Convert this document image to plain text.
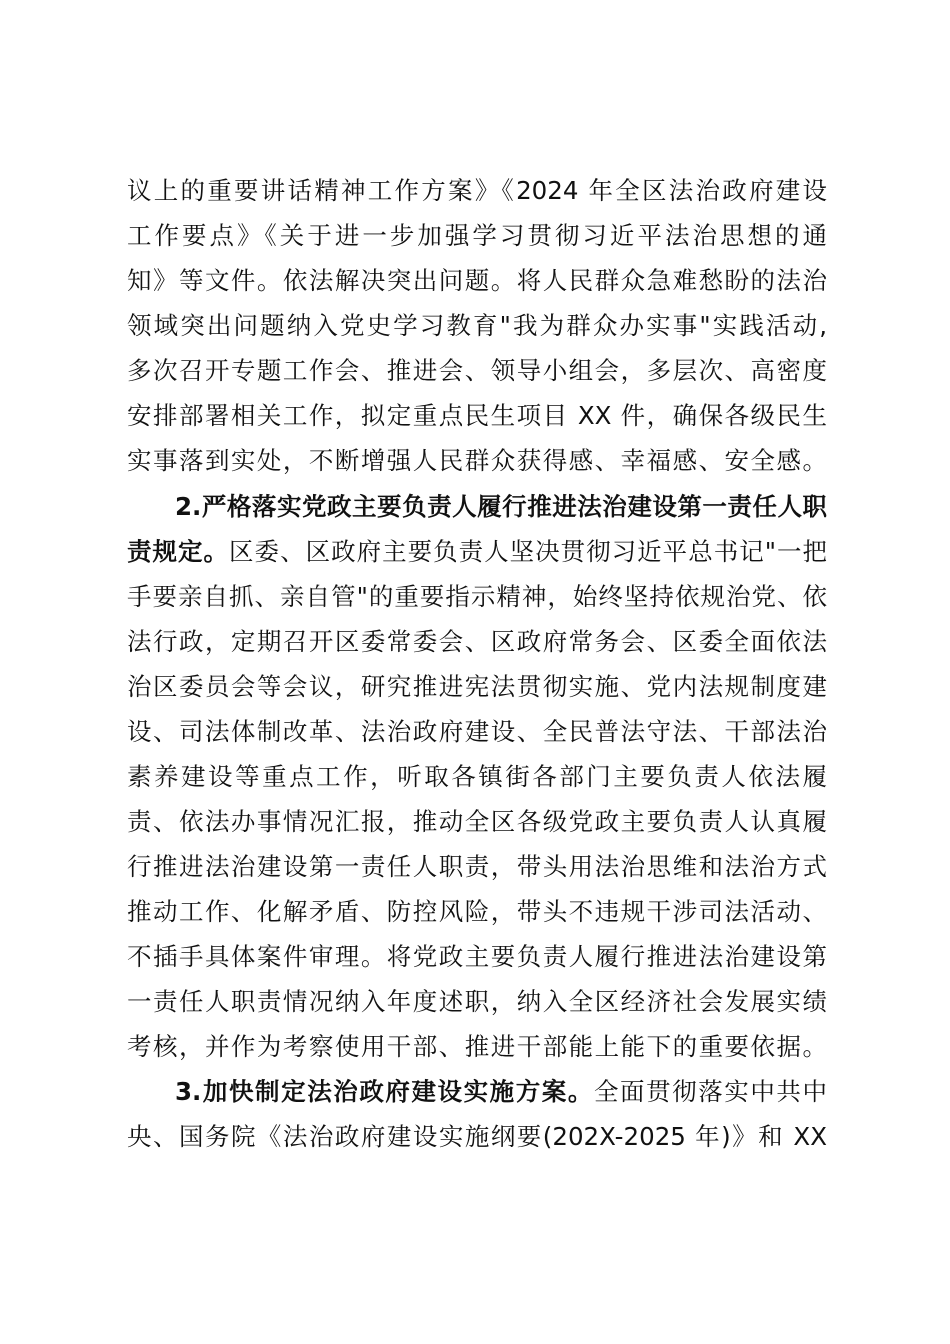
议上的重要讲话精神工作方案》《2024 年全区法治政府建设
工作要点》《关于进一步加强学习贯彻习近平法治思想的通
知》等文件。依法解决突出问题。将人民群众急难愁盼的法治
领域突出问题纳入党史学习教育"我为群众办实事"实践活动,
多次召开专题工作会、推进会、领导小组会，多层次、高密度
安排部署相关工作，拟定重点民生项目 XX 件，确保各级民生
实事落到实处，不断增强人民群众获得感、幸福感、安全感。
2.严格落实党政主要负责人履行推进法治建设第一责任人职
责规定。区委、区政府主要负责人坚决贯彻习近平总书记"一把
手要亲自抓、亲自管"的重要指示精神，始终坚持依规治党、依
法行政，定期召开区委常委会、区政府常务会、区委全面依法
治区委员会等会议，研究推进宪法贯彻实施、党内法规制度建
设、司法体制改革、法治政府建设、全民普法守法、干部法治
素养建设等重点工作，听取各镇街各部门主要负责人依法履
责、依法办事情况汇报，推动全区各级党政主要负责人认真履
行推进法治建设第一责任人职责，带头用法治思维和法治方式
推动工作、化解矛盾、防控风险，带头不违规干涉司法活动、
不插手具体案件审理。将党政主要负责人履行推进法治建设第
一责任人职责情况纳入年度述职，纳入全区经济社会发展实绩
考核，并作为考察使用干部、推进干部能上能下的重要依据。
3.加快制定法治政府建设实施方案。全面贯彻落实中共中
央、国务院《法治政府建设实施纲要(202X-2025 年)》和 XX
